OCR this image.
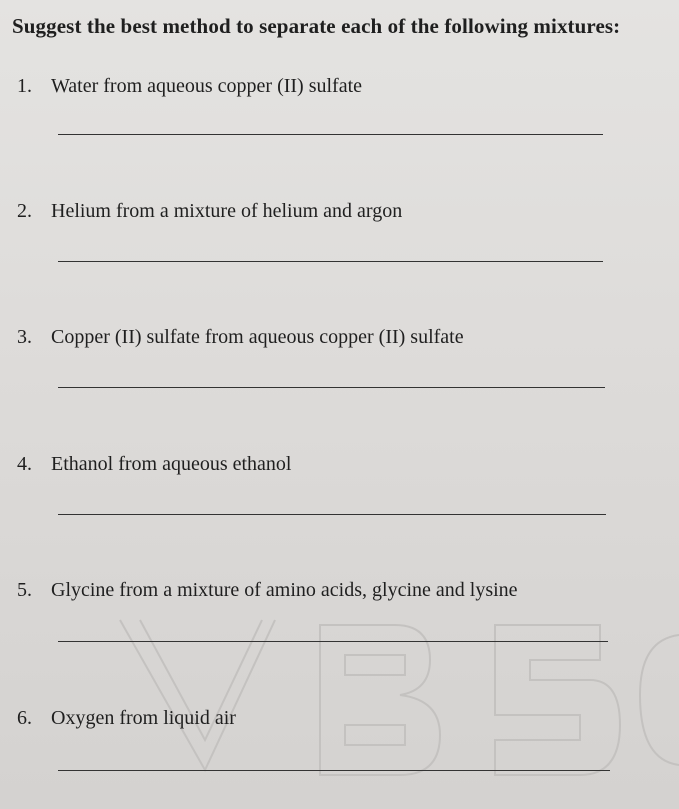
Suggest the best method to separate each of the following mixtures:
1. Water from aqueous copper (II) sulfate
2. Helium from a mixture of helium and argon
3. Copper (II) sulfate from aqueous copper (II) sulfate
4. Ethanol from aqueous ethanol
5. Glycine from a mixture of amino acids, glycine and lysine
6. Oxygen from liquid air
